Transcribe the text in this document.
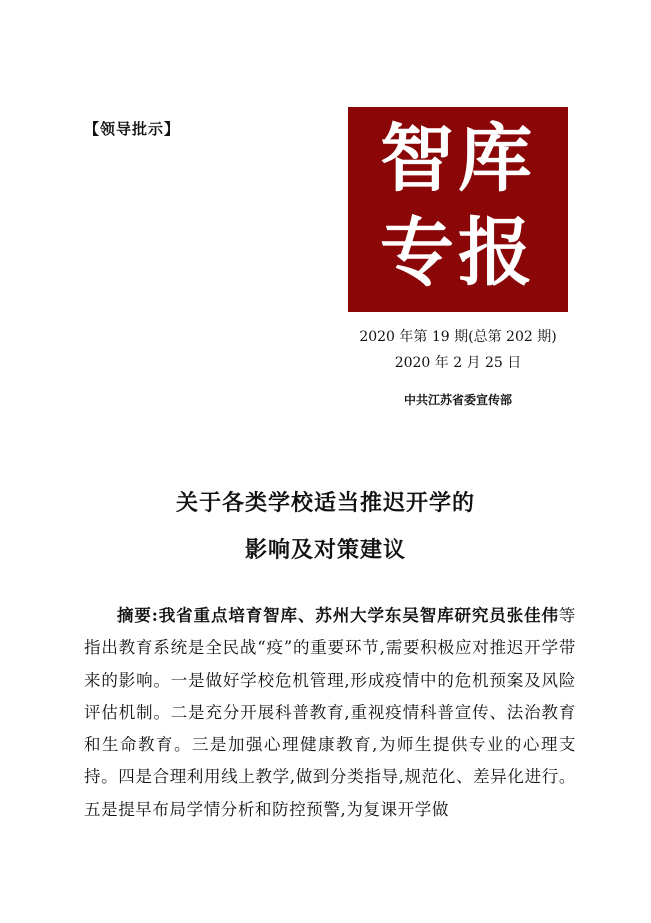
【领导批示】	智库
专报
2020 年第 19 期(总第 202 期)
2020 年 2 月 25 日
中共江苏省委宣传部
关于各类学校适当推迟开学的
影响及对策建议
摘要:我省重点培育智库、苏州大学东吴智库研究员张佳伟等指出教育系统是全民战“疫”的重要环节,需要积极应对推迟开学带来的影响。一是做好学校危机管理,形成疫情中的危机预案及风险评估机制。二是充分开展科普教育,重视疫情科普宣传、法治教育和生命教育。三是加强心理健康教育,为师生提供专业的心理支持。四是合理利用线上教学,做到分类指导,规范化、差异化进行。五是提早布局学情分析和防控预警,为复课开学做
